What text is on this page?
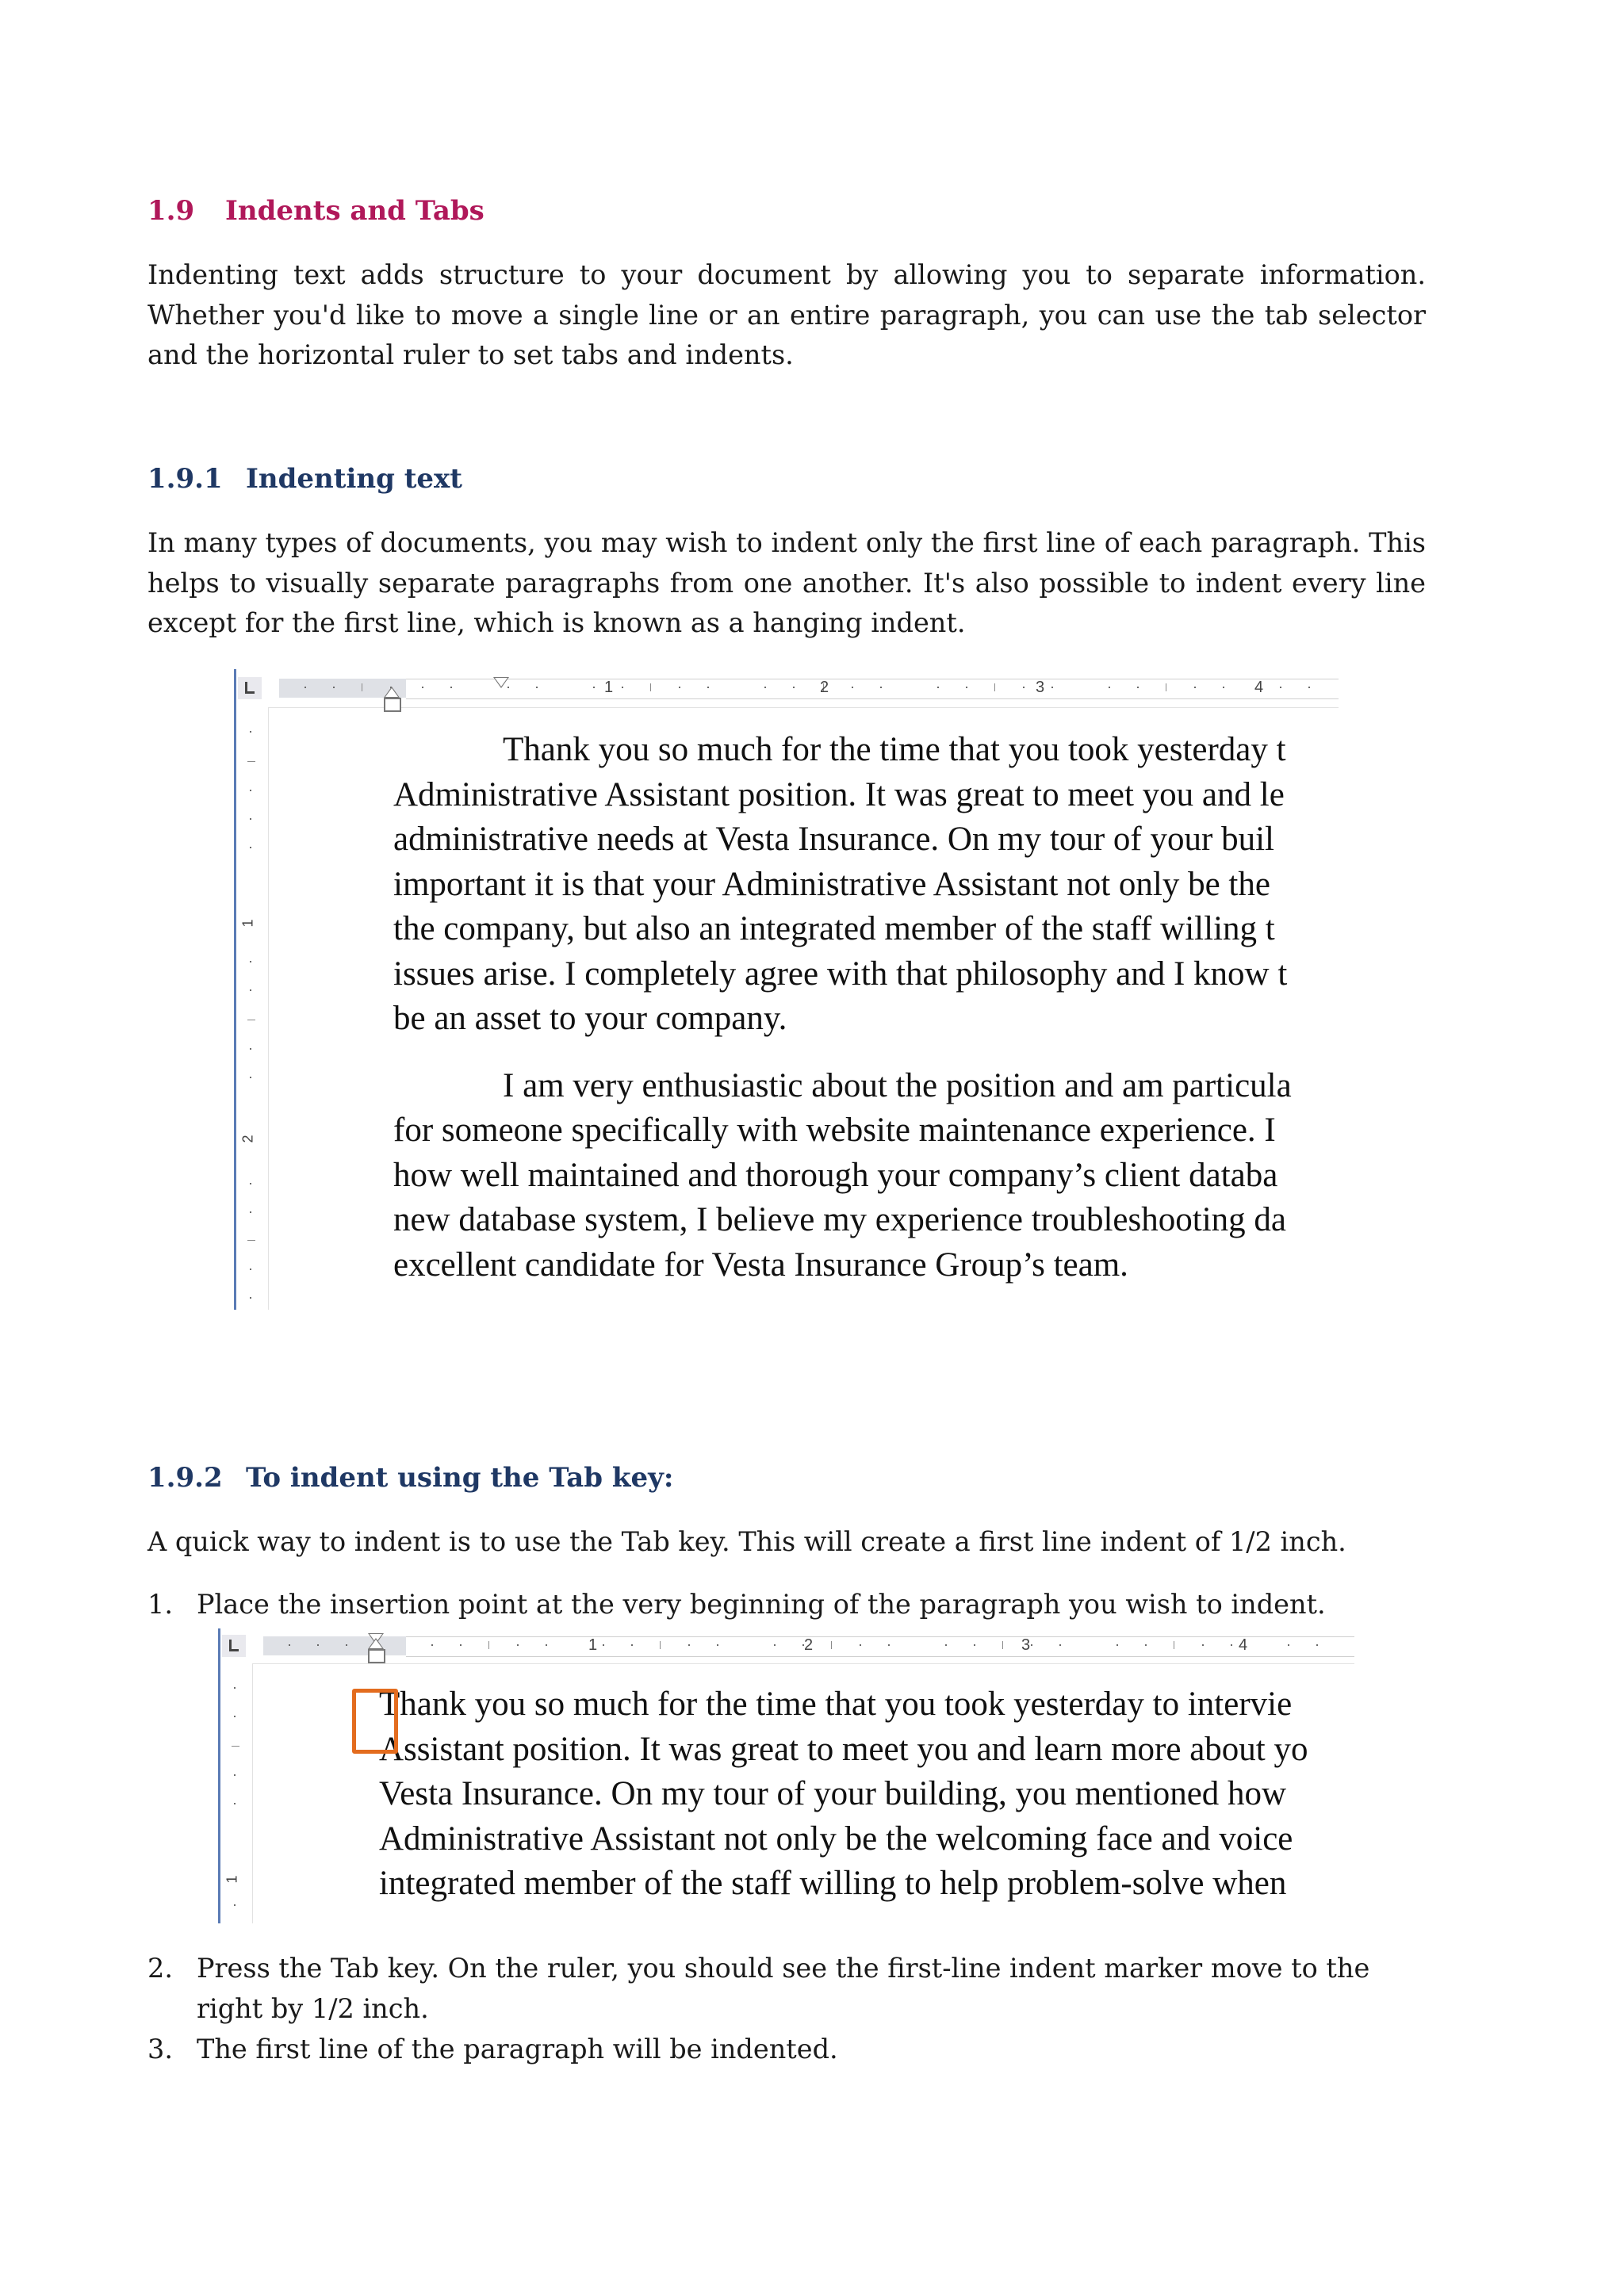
1.9 Indents and Tabs

Indenting text adds structure to your document by allowing you to separate information. Whether you'd like to move a single line or an entire paragraph, you can use the tab selector and the horizontal ruler to set tabs and indents.

1.9.1 Indenting text

In many types of documents, you may wish to indent only the first line of each paragraph. This helps to visually separate paragraphs from one another. It's also possible to indent every line except for the first line, which is known as a hanging indent.

1	2	3	4
1
2

Thank you so much for the time that you took yesterday t
Administrative Assistant position. It was great to meet you and le
administrative needs at Vesta Insurance. On my tour of your buil
important it is that your Administrative Assistant not only be the
the company, but also an integrated member of the staff willing t
issues arise. I completely agree with that philosophy and I know t
be an asset to your company.

I am very enthusiastic about the position and am particula
for someone specifically with website maintenance experience. I
how well maintained and thorough your company’s client databa
new database system, I believe my experience troubleshooting da
excellent candidate for Vesta Insurance Group’s team.

1.9.2 To indent using the Tab key:

A quick way to indent is to use the Tab key. This will create a first line indent of 1/2 inch.

1. Place the insertion point at the very beginning of the paragraph you wish to indent.
1	2	3	4
1

Thank you so much for the time that you took yesterday to intervie
Assistant position. It was great to meet you and learn more about yo
Vesta Insurance. On my tour of your building, you mentioned how
Administrative Assistant not only be the welcoming face and voice
integrated member of the staff willing to help problem-solve when

2. Press the Tab key. On the ruler, you should see the first-line indent marker move to the right by 1/2 inch.
3. The first line of the paragraph will be indented.
